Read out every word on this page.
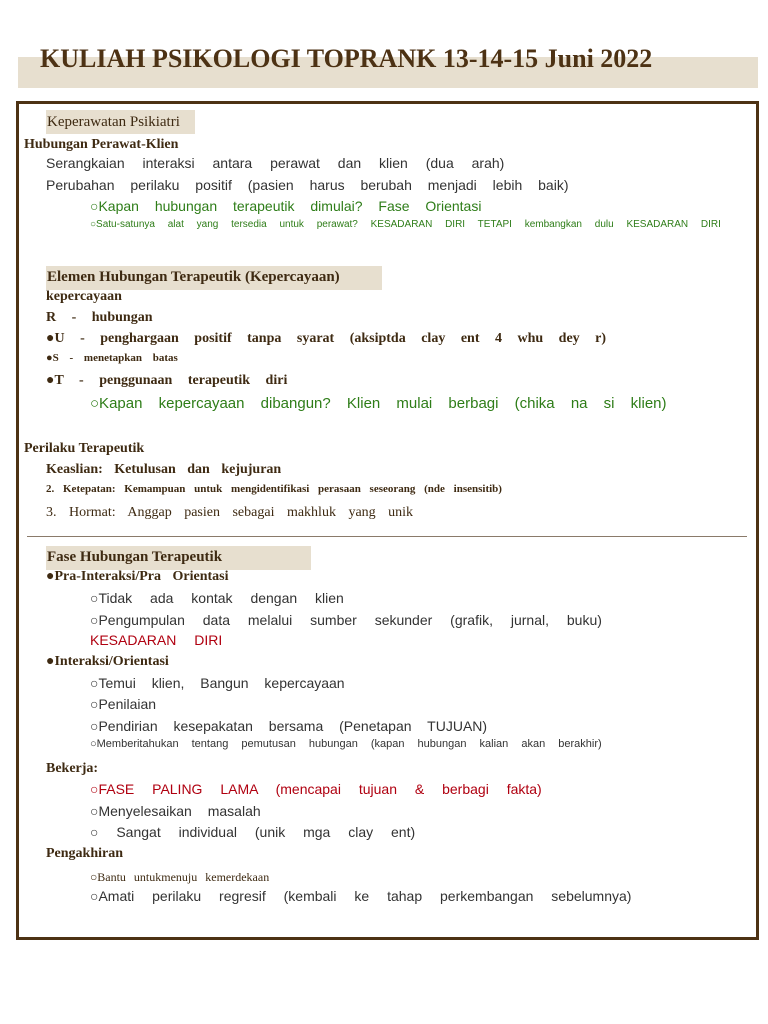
KULIAH PSIKOLOGI TOPRANK 13-14-15 Juni 2022
Keperawatan Psikiatri
Hubungan Perawat-Klien
Serangkaian interaksi antara perawat dan klien (dua arah)
Perubahan perilaku positif (pasien harus berubah menjadi lebih baik)
○Kapan hubungan terapeutik dimulai? Fase Orientasi
○Satu-satunya alat yang tersedia untuk perawat? KESADARAN DIRI TETAPI kembangkan dulu KESADARAN DIRI
Elemen Hubungan Terapeutik (Kepercayaan)
kepercayaan
R - hubungan
●U - penghargaan positif tanpa syarat (aksiptda clay ent 4 whu dey r)
●S - menetapkan batas
●T - penggunaan terapeutik diri
○Kapan kepercayaan dibangun? Klien mulai berbagi (chika na si klien)
Perilaku Terapeutik
Keaslian: Ketulusan dan kejujuran
2. Ketepatan: Kemampuan untuk mengidentifikasi perasaan seseorang (nde insensitib)
3. Hormat: Anggap pasien sebagai makhluk yang unik
Fase Hubungan Terapeutik
●Pra-Interaksi/Pra Orientasi
○Tidak ada kontak dengan klien
○Pengumpulan data melalui sumber sekunder (grafik, jurnal, buku)
KESADARAN DIRI
●Interaksi/Orientasi
○Temui klien, Bangun kepercayaan
○Penilaian
○Pendirian kesepakatan bersama (Penetapan TUJUAN)
○Memberitahukan tentang pemutusan hubungan (kapan hubungan kalian akan berakhir)
Bekerja:
○FASE PALING LAMA (mencapai tujuan & berbagi fakta)
○Menyelesaikan masalah
○ Sangat individual (unik mga clay ent)
Pengakhiran
○Bantu untukmenuju kemerdekaan
○Amati perilaku regresif (kembali ke tahap perkembangan sebelumnya)
